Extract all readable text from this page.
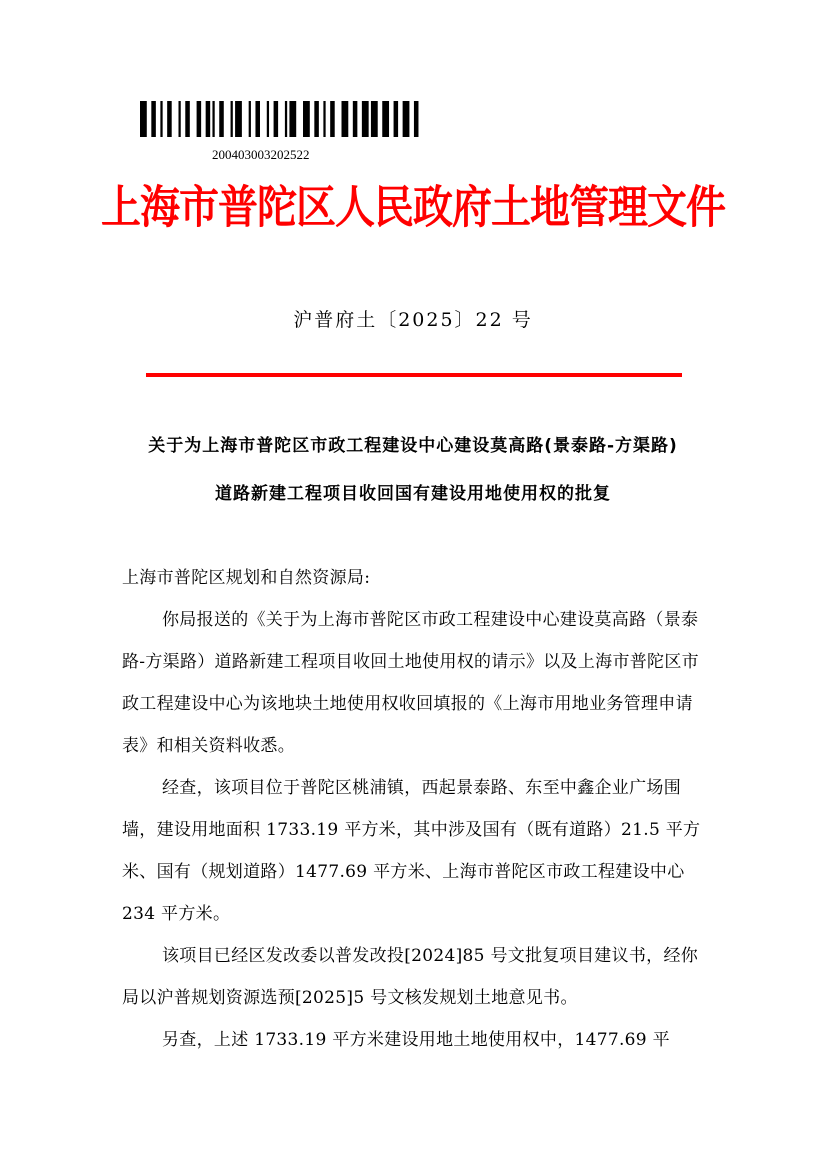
200403003202522
上海市普陀区人民政府土地管理文件
沪普府土〔2025〕22 号
关于为上海市普陀区市政工程建设中心建设莫高路(景泰路-方渠路)
道路新建工程项目收回国有建设用地使用权的批复
上海市普陀区规划和自然资源局:

你局报送的《关于为上海市普陀区市政工程建设中心建设莫高路（景泰路-方渠路）道路新建工程项目收回土地使用权的请示》以及上海市普陀区市政工程建设中心为该地块土地使用权收回填报的《上海市用地业务管理申请表》和相关资料收悉。

经查，该项目位于普陀区桃浦镇，西起景泰路、东至中鑫企业广场围墙，建设用地面积 1733.19 平方米，其中涉及国有（既有道路）21.5 平方米、国有（规划道路）1477.69 平方米、上海市普陀区市政工程建设中心 234 平方米。

该项目已经区发改委以普发改投[2024]85 号文批复项目建议书，经你局以沪普规划资源选预[2025]5 号文核发规划土地意见书。

另查，上述 1733.19 平方米建设用地土地使用权中，1477.69 平
